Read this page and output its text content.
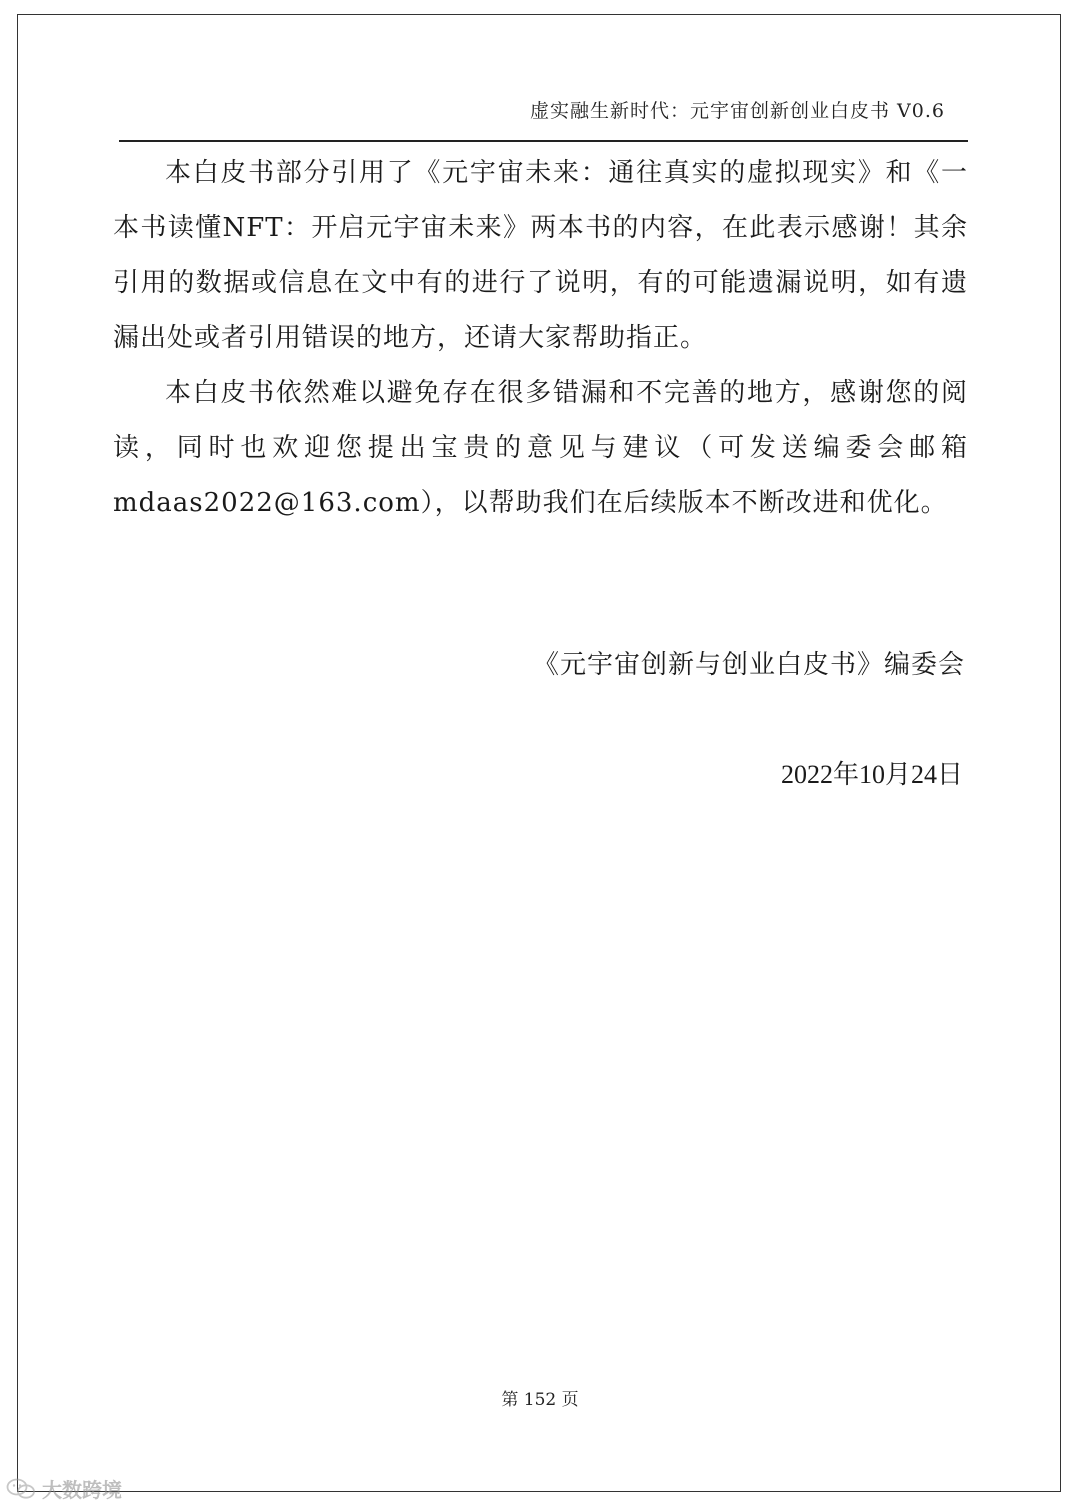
虚实融生新时代：元宇宙创新创业白皮书 V0.6

本白皮书部分引用了《元宇宙未来：通往真实的虚拟现实》和《一本书读懂NFT：开启元宇宙未来》两本书的内容，在此表示感谢！其余引用的数据或信息在文中有的进行了说明，有的可能遗漏说明，如有遗漏出处或者引用错误的地方，还请大家帮助指正。

本白皮书依然难以避免存在很多错漏和不完善的地方，感谢您的阅读，同时也欢迎您提出宝贵的意见与建议（可发送编委会邮箱mdaas2022@163.com），以帮助我们在后续版本不断改进和优化。

《元宇宙创新与创业白皮书》编委会
2022年10月24日
第 152 页
大数跨境
